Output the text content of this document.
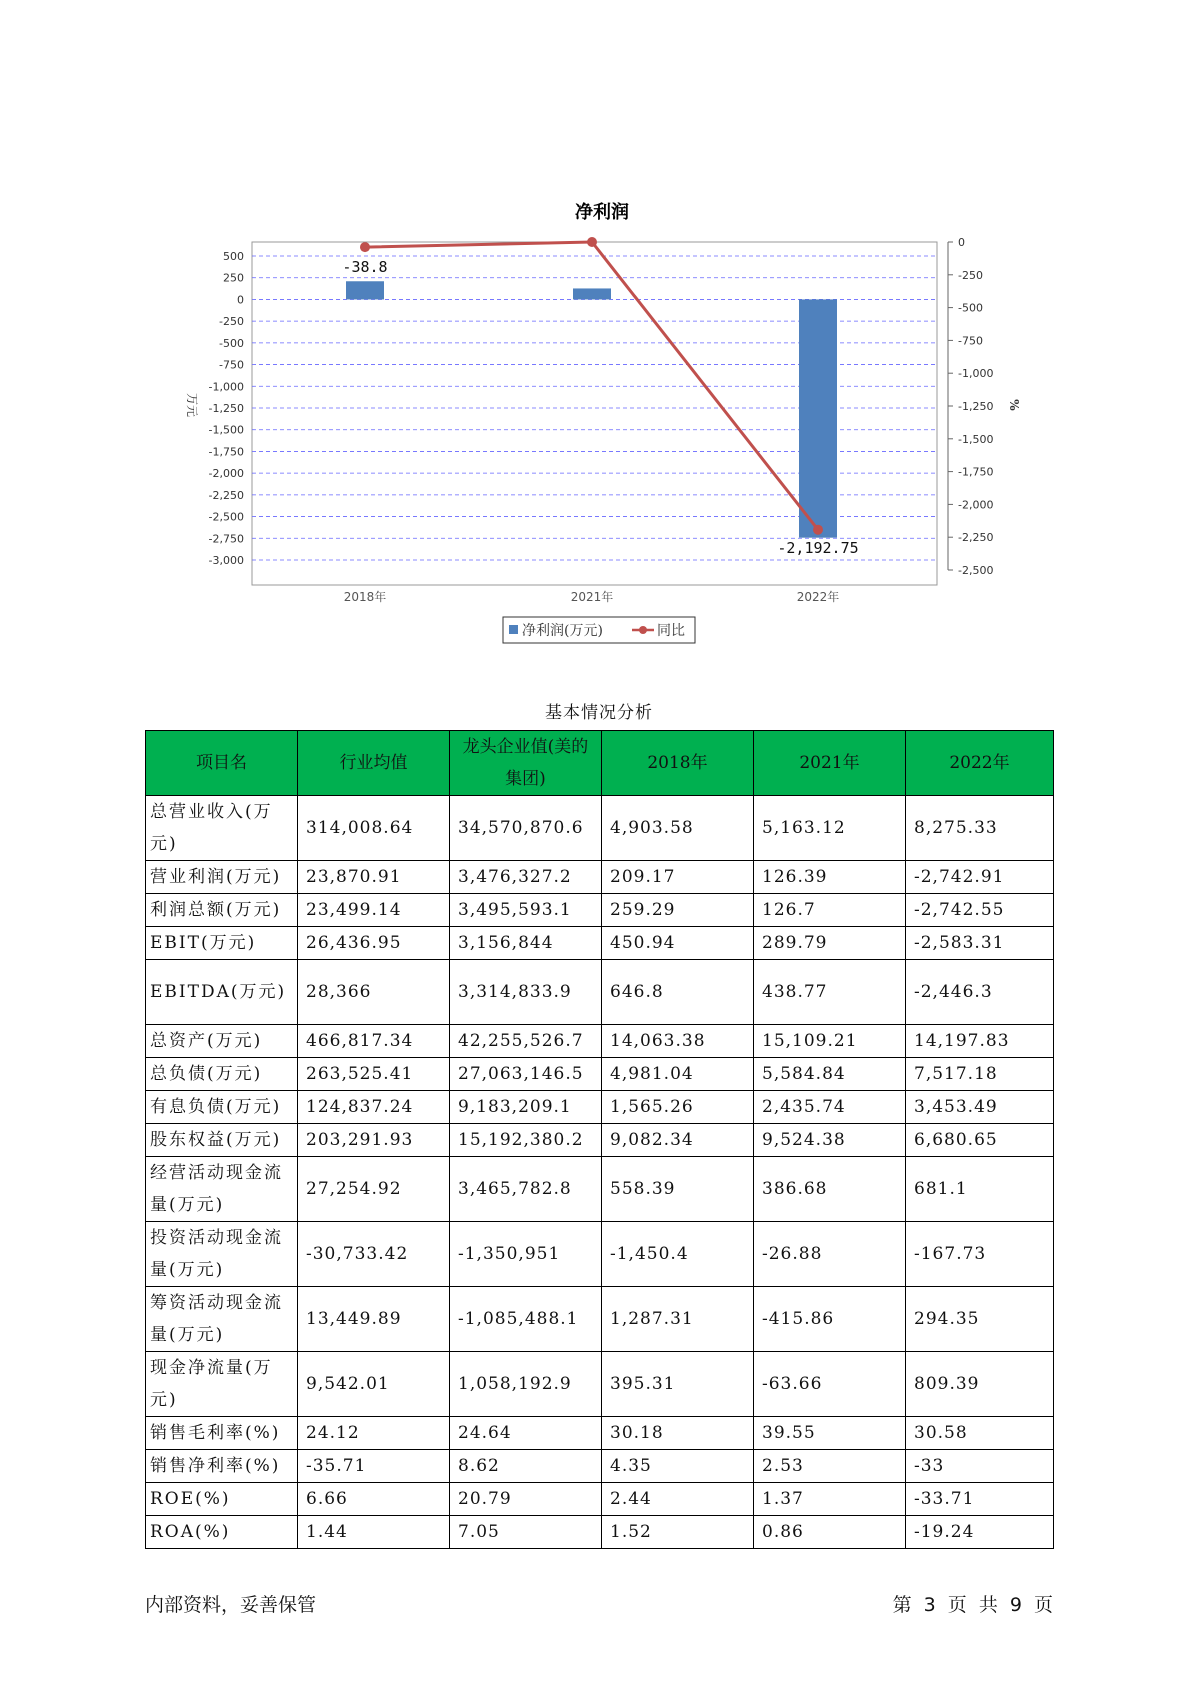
净利润
500
250
0
-250
-500
-750
-1,000
-1,250
-1,500
-1,750
-2,000
-2,250
-2,500
-2,750
-3,000
0
-250
-500
-750
-1,000
-1,250
-1,500
-1,750
-2,000
-2,250
-2,500
万元	%
2018年	2021年	2022年
-38.8
-2,192.75
净利润(万元)	同比
基本情况分析
项目名	行业均值	龙头企业值(美的集团)	2018年	2021年	2022年
总营业收入(万元)	314,008.64	34,570,870.6	4,903.58	5,163.12	8,275.33
营业利润(万元)	23,870.91	3,476,327.2	209.17	126.39	-2,742.91
利润总额(万元)	23,499.14	3,495,593.1	259.29	126.7	-2,742.55
EBIT(万元)	26,436.95	3,156,844	450.94	289.79	-2,583.31
EBITDA(万元)	28,366	3,314,833.9	646.8	438.77	-2,446.3
总资产(万元)	466,817.34	42,255,526.7	14,063.38	15,109.21	14,197.83
总负债(万元)	263,525.41	27,063,146.5	4,981.04	5,584.84	7,517.18
有息负债(万元)	124,837.24	9,183,209.1	1,565.26	2,435.74	3,453.49
股东权益(万元)	203,291.93	15,192,380.2	9,082.34	9,524.38	6,680.65
经营活动现金流量(万元)	27,254.92	3,465,782.8	558.39	386.68	681.1
投资活动现金流量(万元)	-30,733.42	-1,350,951	-1,450.4	-26.88	-167.73
筹资活动现金流量(万元)	13,449.89	-1,085,488.1	1,287.31	-415.86	294.35
现金净流量(万元)	9,542.01	1,058,192.9	395.31	-63.66	809.39
销售毛利率(%)	24.12	24.64	30.18	39.55	30.58
销售净利率(%)	-35.71	8.62	4.35	2.53	-33
ROE(%)	6.66	20.79	2.44	1.37	-33.71
ROA(%)	1.44	7.05	1.52	0.86	-19.24
内部资料，妥善保管	第 3 页 共 9 页
